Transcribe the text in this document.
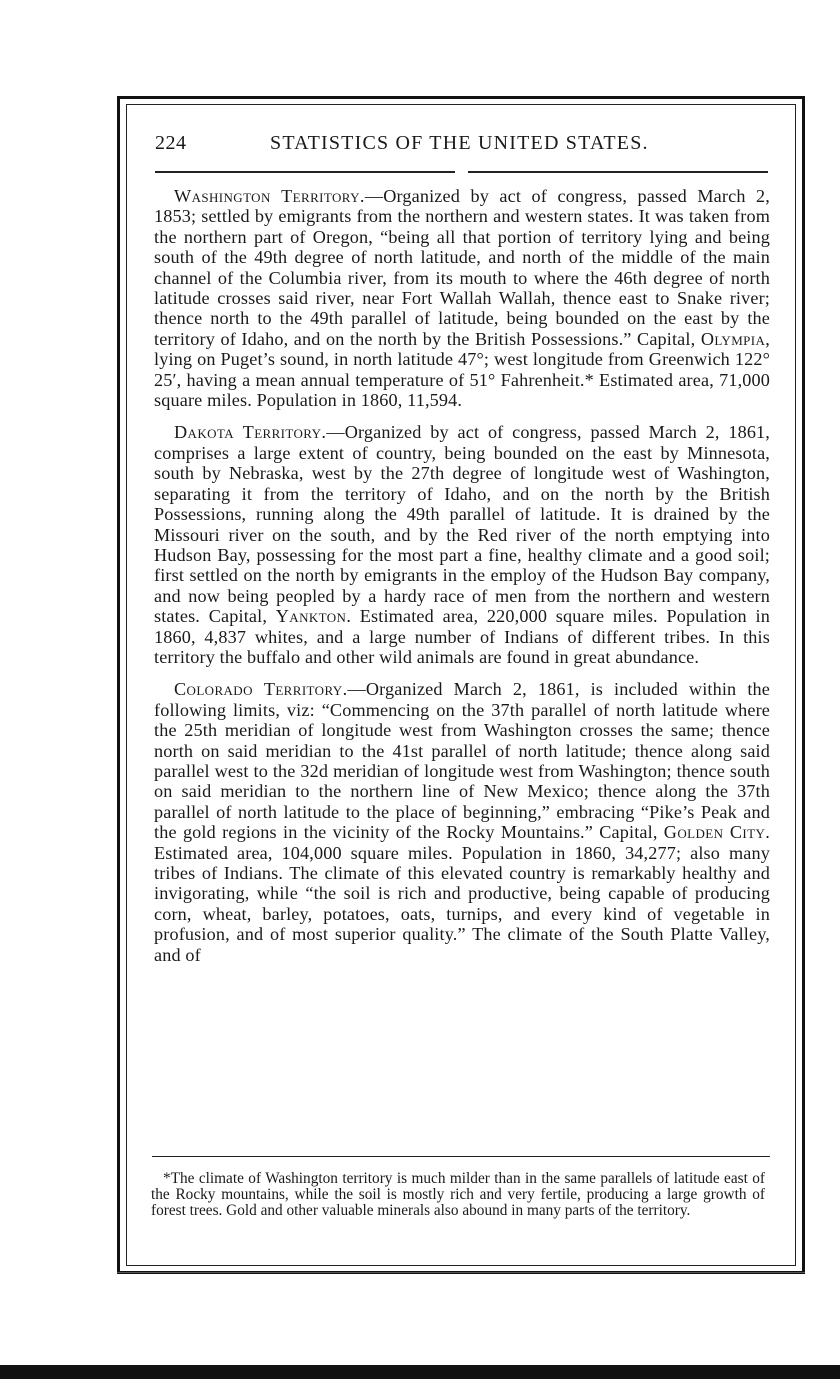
224	STATISTICS OF THE UNITED STATES.

Washington Territory.—Organized by act of congress, passed March 2, 1853; settled by emigrants from the northern and western states. It was taken from the northern part of Oregon, “being all that portion of territory lying and being south of the 49th degree of north latitude, and north of the middle of the main channel of the Columbia river, from its mouth to where the 46th degree of north latitude crosses said river, near Fort Wallah Wallah, thence east to Snake river; thence north to the 49th parallel of latitude, being bounded on the east by the territory of Idaho, and on the north by the British Possessions.” Capital, Olympia, lying on Puget’s sound, in north latitude 47°; west longitude from Greenwich 122° 25′, having a mean annual temperature of 51° Fahrenheit.* Estimated area, 71,000 square miles. Population in 1860, 11,594.

Dakota Territory.—Organized by act of congress, passed March 2, 1861, comprises a large extent of country, being bounded on the east by Minnesota, south by Nebraska, west by the 27th degree of longitude west of Washington, separating it from the territory of Idaho, and on the north by the British Possessions, running along the 49th parallel of latitude. It is drained by the Missouri river on the south, and by the Red river of the north emptying into Hudson Bay, possessing for the most part a fine, healthy climate and a good soil; first settled on the north by emigrants in the employ of the Hudson Bay company, and now being peopled by a hardy race of men from the northern and western states. Capital, Yankton. Estimated area, 220,000 square miles. Population in 1860, 4,837 whites, and a large number of Indians of different tribes. In this territory the buffalo and other wild animals are found in great abundance.

Colorado Territory.—Organized March 2, 1861, is included within the following limits, viz: “Commencing on the 37th parallel of north latitude where the 25th meridian of longitude west from Washington crosses the same; thence north on said meridian to the 41st parallel of north latitude; thence along said parallel west to the 32d meridian of longitude west from Washington; thence south on said meridian to the northern line of New Mexico; thence along the 37th parallel of north latitude to the place of beginning,” embracing “Pike’s Peak and the gold regions in the vicinity of the Rocky Mountains.” Capital, Golden City. Estimated area, 104,000 square miles. Population in 1860, 34,277; also many tribes of Indians. The climate of this elevated country is remarkably healthy and invigorating, while “the soil is rich and productive, being capable of producing corn, wheat, barley, potatoes, oats, turnips, and every kind of vegetable in profusion, and of most superior quality.” The climate of the South Platte Valley, and of

*The climate of Washington territory is much milder than in the same parallels of latitude east of the Rocky mountains, while the soil is mostly rich and very fertile, producing a large growth of forest trees. Gold and other valuable minerals also abound in many parts of the territory.
